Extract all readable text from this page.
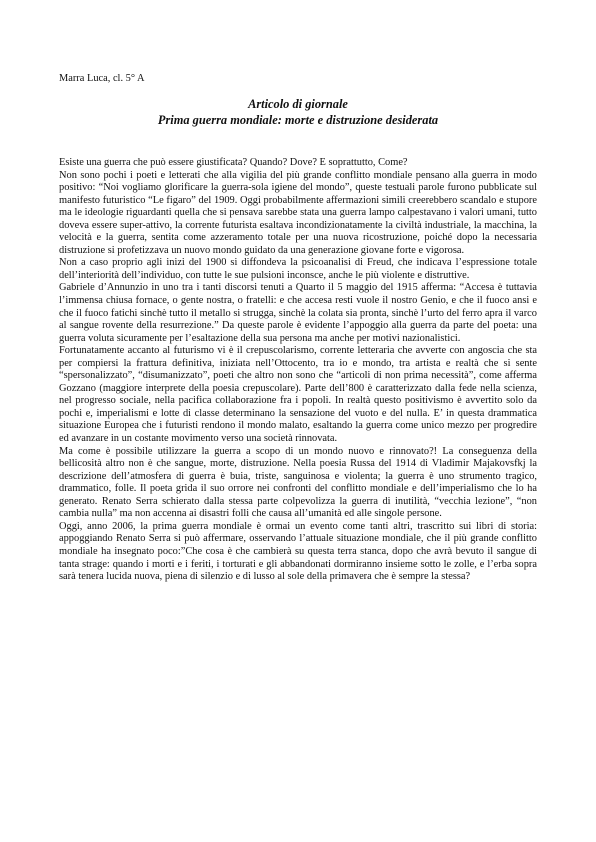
Marra Luca, cl. 5° A
Articolo di giornale
Prima guerra mondiale: morte e distruzione desiderata

Esiste una guerra che può essere giustificata? Quando? Dove? E soprattutto, Come?

Non sono pochi i poeti e letterati che alla vigilia del più grande conflitto mondiale pensano alla guerra in modo positivo: “Noi vogliamo glorificare la guerra-sola igiene del mondo”, queste testuali parole furono pubblicate sul manifesto futuristico “Le figaro” del 1909. Oggi probabilmente affermazioni simili creerebbero scandalo e stupore ma le ideologie riguardanti quella che si pensava sarebbe stata una guerra lampo calpestavano i valori umani, tutto doveva essere super-attivo, la corrente futurista esaltava incondizionatamente la civiltà industriale, la macchina, la velocità e la guerra, sentita come azzeramento totale per una nuova ricostruzione, poiché dopo la necessaria distruzione si profetizzava un nuovo mondo guidato da una generazione giovane forte e vigorosa.

Non a caso proprio agli inizi del 1900 si diffondeva la psicoanalisi di Freud, che indicava l’espressione totale dell’interiorità dell’individuo, con tutte le sue pulsioni inconsce, anche le più violente e distruttive.

Gabriele d’Annunzio in uno tra i tanti discorsi tenuti a Quarto il 5 maggio del 1915 afferma: “Accesa è tuttavia l’immensa chiusa fornace, o gente nostra, o fratelli: e che accesa resti vuole il nostro Genio, e che il fuoco ansi e che il fuoco fatichi sinchè tutto il metallo si strugga, sinchè la colata sia pronta, sinchè l’urto del ferro apra il varco al sangue rovente della resurrezione.” Da queste parole è evidente l’appoggio alla guerra da parte del poeta: una guerra voluta sicuramente per l’esaltazione della sua persona ma anche per motivi nazionalistici.

Fortunatamente accanto al futurismo vi è il crepuscolarismo, corrente letteraria che avverte con angoscia che sta per compiersi la frattura definitiva, iniziata nell’Ottocento, tra io e mondo, tra artista e realtà che si sente “spersonalizzato”, “disumanizzato”, poeti che altro non sono che “articoli di non prima necessità”, come afferma Gozzano (maggiore interprete della poesia crepuscolare). Parte dell’800 è caratterizzato dalla fede nella scienza, nel progresso sociale, nella pacifica collaborazione fra i popoli. In realtà questo positivismo è avvertito solo da pochi e, imperialismi e lotte di classe determinano la sensazione del vuoto e del nulla. E’ in questa drammatica situazione Europea che i futuristi rendono il mondo malato, esaltando la guerra come unico mezzo per progredire ed avanzare in un costante movimento verso una società rinnovata.

Ma come è possibile utilizzare la guerra a scopo di un mondo nuovo e rinnovato?! La conseguenza della bellicosità altro non è che sangue, morte, distruzione. Nella poesia Russa del 1914 di Vladimir Majakovsfkj la descrizione dell’atmosfera di guerra è buia, triste, sanguinosa e violenta; la guerra è uno strumento tragico, drammatico, folle. Il poeta grida il suo orrore nei confronti del conflitto mondiale e dell’imperialismo che lo ha generato. Renato Serra schierato dalla stessa parte colpevolizza la guerra di inutilità, “vecchia lezione”, “non cambia nulla” ma non accenna ai disastri folli che causa all’umanità ed alle singole persone.

Oggi, anno 2006, la prima guerra mondiale è ormai un evento come tanti altri, trascritto sui libri di storia: appoggiando Renato Serra si può affermare, osservando l’attuale situazione mondiale, che il più grande conflitto mondiale ha insegnato poco:”Che cosa è che cambierà su questa terra stanca, dopo che avrà bevuto il sangue di tanta strage: quando i morti e i feriti, i torturati e gli abbandonati dormiranno insieme sotto le zolle, e l’erba sopra sarà tenera lucida nuova, piena di silenzio e di lusso al sole della primavera che è sempre la stessa?
